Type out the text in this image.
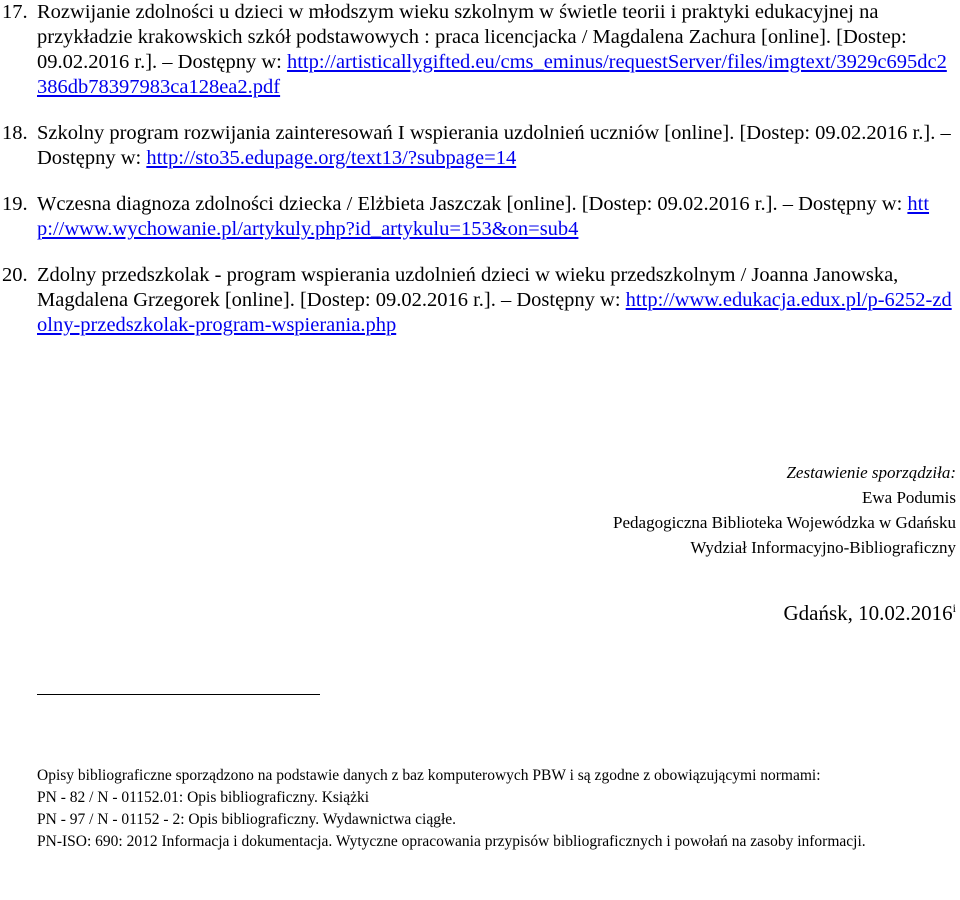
17. Rozwijanie zdolności u dzieci w młodszym wieku szkolnym w świetle teorii i praktyki edukacyjnej na przykładzie krakowskich szkół podstawowych : praca licencjacka / Magdalena Zachura [online]. [Dostep: 09.02.2016 r.]. – Dostępny w: http://artisticallygifted.eu/cms_eminus/requestServer/files/imgtext/3929c695dc2386db78397983ca128ea2.pdf
18. Szkolny program rozwijania zainteresowań I wspierania uzdolnień uczniów [online]. [Dostep: 09.02.2016 r.]. – Dostępny w: http://sto35.edupage.org/text13/?subpage=14
19. Wczesna diagnoza zdolności dziecka / Elżbieta Jaszczak [online]. [Dostep: 09.02.2016 r.]. – Dostępny w: http://www.wychowanie.pl/artykuly.php?id_artykulu=153&on=sub4
20. Zdolny przedszkolak - program wspierania uzdolnień dzieci w wieku przedszkolnym / Joanna Janowska, Magdalena Grzegorek [online]. [Dostep: 09.02.2016 r.]. – Dostępny w: http://www.edukacja.edux.pl/p-6252-zdolny-przedszkolak-program-wspierania.php
Zestawienie sporządziła:
Ewa Podumis
Pedagogiczna Biblioteka Wojewódzka w Gdańsku
Wydział Informacyjno-Bibliograficzny
Gdańsk, 10.02.2016$^i$

Opisy bibliograficzne sporządzono na podstawie danych z baz komputerowych PBW i są zgodne z obowiązującymi normami:

PN - 82 / N - 01152.01: Opis bibliograficzny. Książki

PN - 97 / N - 01152 - 2: Opis bibliograficzny. Wydawnictwa ciągłe.

PN-ISO: 690: 2012 Informacja i dokumentacja. Wytyczne opracowania przypisów bibliograficznych i powołań na zasoby informacji.
